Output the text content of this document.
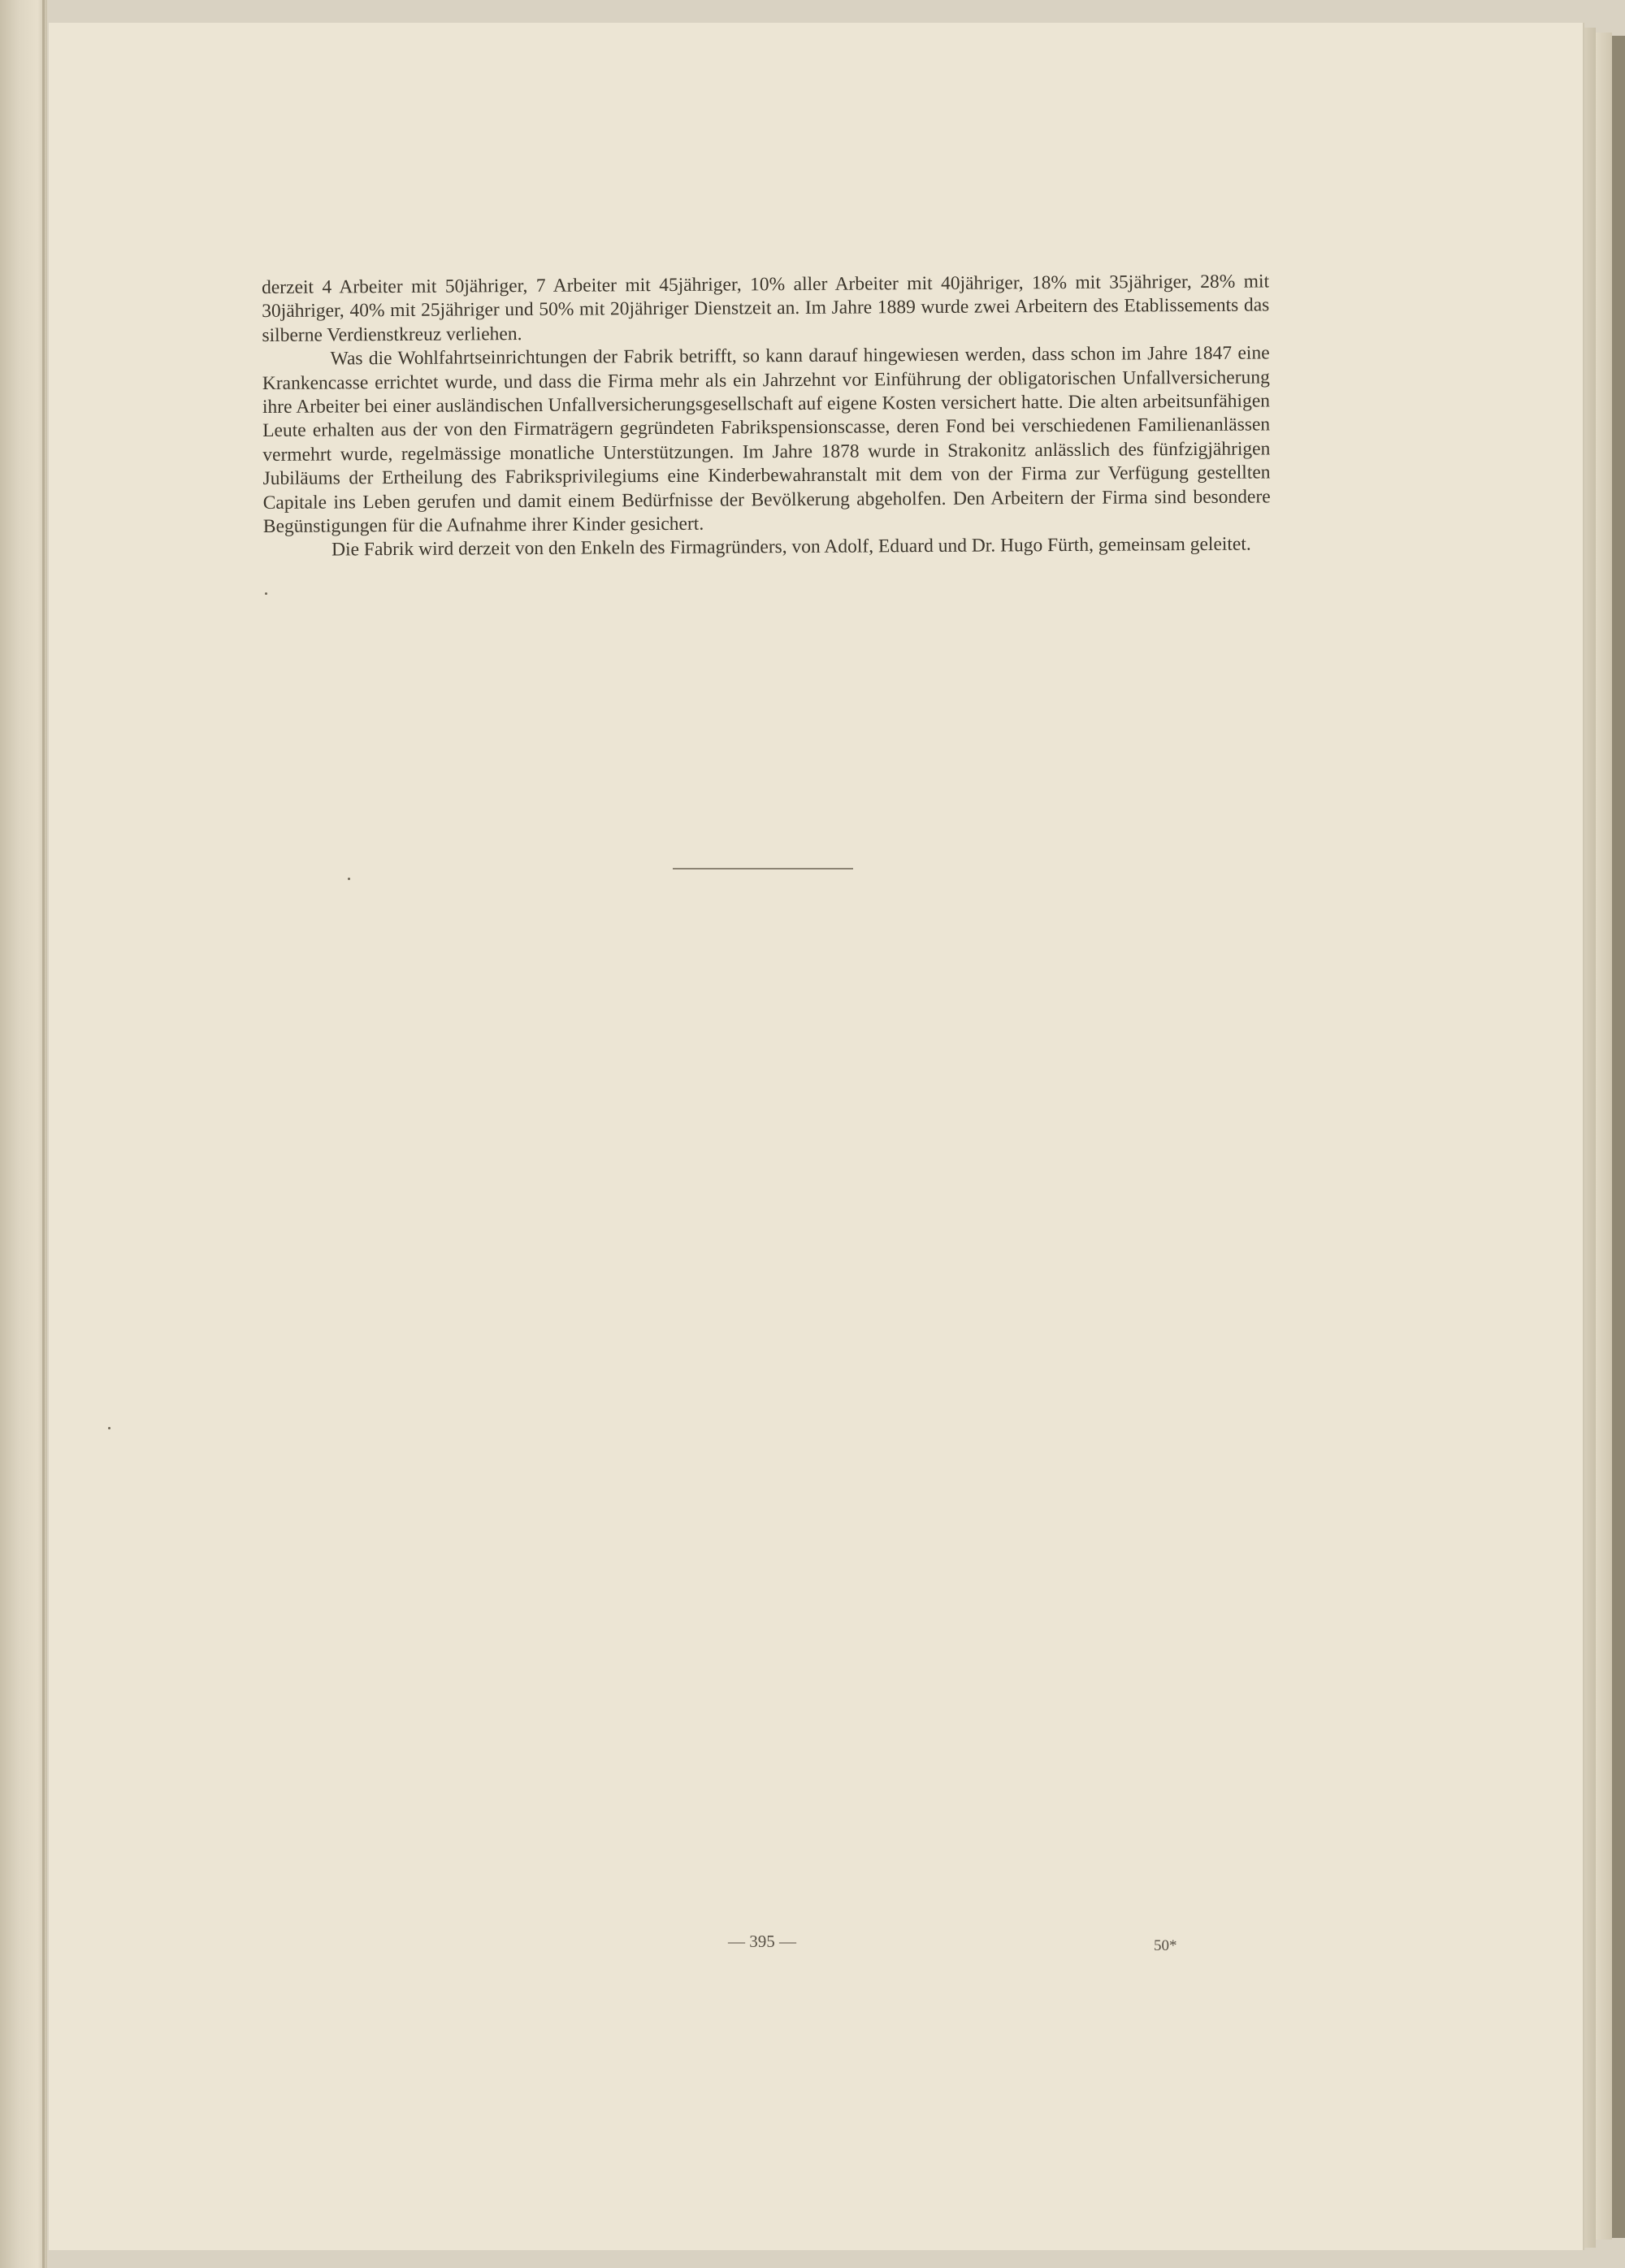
derzeit 4 Arbeiter mit 50jähriger, 7 Arbeiter mit 45jähriger, 10% aller Arbeiter mit 40jähriger, 18% mit 35jähriger, 28% mit 30jähriger, 40% mit 25jähriger und 50% mit 20jähriger Dienstzeit an. Im Jahre 1889 wurde zwei Arbeitern des Etablissements das silberne Verdienstkreuz verliehen.

Was die Wohlfahrtseinrichtungen der Fabrik betrifft, so kann darauf hingewiesen werden, dass schon im Jahre 1847 eine Krankencasse errichtet wurde, und dass die Firma mehr als ein Jahrzehnt vor Einführung der obligatorischen Unfallversicherung ihre Arbeiter bei einer ausländischen Unfallversicherungsgesellschaft auf eigene Kosten versichert hatte. Die alten arbeitsunfähigen Leute erhalten aus der von den Firmaträgern gegründeten Fabrikspensionscasse, deren Fond bei verschiedenen Familienanlässen vermehrt wurde, regelmässige monatliche Unterstützungen. Im Jahre 1878 wurde in Strakonitz anlässlich des fünfzigjährigen Jubiläums der Ertheilung des Fabriksprivilegiums eine Kinderbewahranstalt mit dem von der Firma zur Verfügung gestellten Capitale ins Leben gerufen und damit einem Bedürfnisse der Bevölkerung abgeholfen. Den Arbeitern der Firma sind besondere Begünstigungen für die Aufnahme ihrer Kinder gesichert.

Die Fabrik wird derzeit von den Enkeln des Firmagründers, von Adolf, Eduard und Dr. Hugo Fürth, gemeinsam geleitet.

— 395 —	50*
